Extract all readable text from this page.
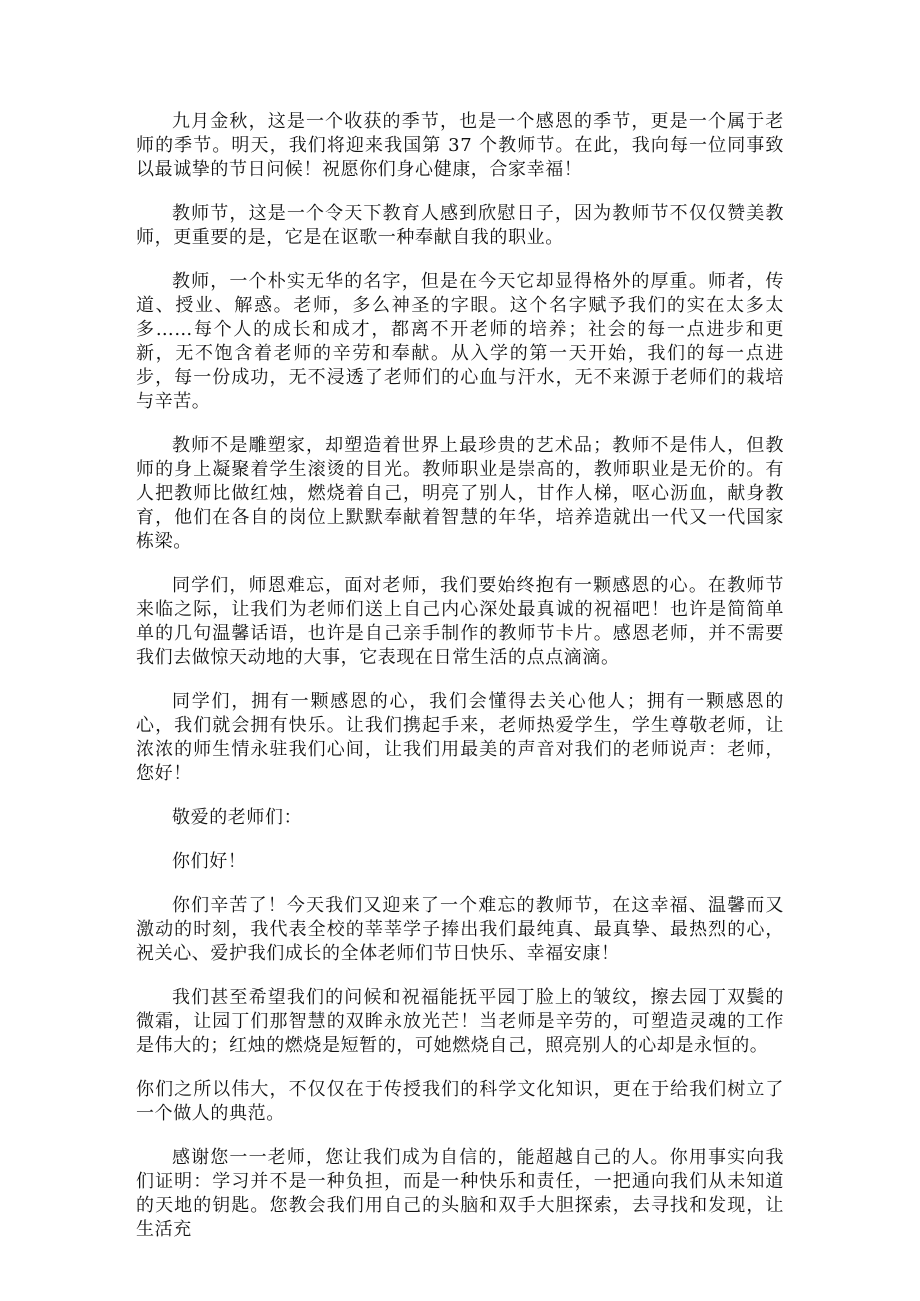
九月金秋，这是一个收获的季节，也是一个感恩的季节，更是一个属于老师的季节。明天，我们将迎来我国第 37 个教师节。在此，我向每一位同事致以最诚挚的节日问候！祝愿你们身心健康，合家幸福！

教师节，这是一个令天下教育人感到欣慰日子，因为教师节不仅仅赞美教师，更重要的是，它是在讴歌一种奉献自我的职业。

教师，一个朴实无华的名字，但是在今天它却显得格外的厚重。师者，传道、授业、解惑。老师，多么神圣的字眼。这个名字赋予我们的实在太多太多……每个人的成长和成才，都离不开老师的培养；社会的每一点进步和更新，无不饱含着老师的辛劳和奉献。从入学的第一天开始，我们的每一点进步，每一份成功，无不浸透了老师们的心血与汗水，无不来源于老师们的栽培与辛苦。

教师不是雕塑家，却塑造着世界上最珍贵的艺术品；教师不是伟人，但教师的身上凝聚着学生滚烫的目光。教师职业是崇高的，教师职业是无价的。有人把教师比做红烛，燃烧着自己，明亮了别人，甘作人梯，呕心沥血，献身教育，他们在各自的岗位上默默奉献着智慧的年华，培养造就出一代又一代国家栋梁。

同学们，师恩难忘，面对老师，我们要始终抱有一颗感恩的心。在教师节来临之际，让我们为老师们送上自己内心深处最真诚的祝福吧！也许是简简单单的几句温馨话语，也许是自己亲手制作的教师节卡片。感恩老师，并不需要我们去做惊天动地的大事，它表现在日常生活的点点滴滴。

同学们，拥有一颗感恩的心，我们会懂得去关心他人；拥有一颗感恩的心，我们就会拥有快乐。让我们携起手来，老师热爱学生，学生尊敬老师，让浓浓的师生情永驻我们心间，让我们用最美的声音对我们的老师说声：老师，您好！

敬爱的老师们：

你们好！

你们辛苦了！今天我们又迎来了一个难忘的教师节，在这幸福、温馨而又激动的时刻，我代表全校的莘莘学子捧出我们最纯真、最真挚、最热烈的心，祝关心、爱护我们成长的全体老师们节日快乐、幸福安康！

我们甚至希望我们的问候和祝福能抚平园丁脸上的皱纹，擦去园丁双鬓的微霜，让园丁们那智慧的双眸永放光芒！当老师是辛劳的，可塑造灵魂的工作是伟大的；红烛的燃烧是短暂的，可她燃烧自己，照亮别人的心却是永恒的。

你们之所以伟大，不仅仅在于传授我们的科学文化知识，更在于给我们树立了一个做人的典范。

感谢您一一老师，您让我们成为自信的，能超越自己的人。你用事实向我们证明：学习并不是一种负担，而是一种快乐和责任，一把通向我们从未知道的天地的钥匙。您教会我们用自己的头脑和双手大胆探索，去寻找和发现，让生活充
